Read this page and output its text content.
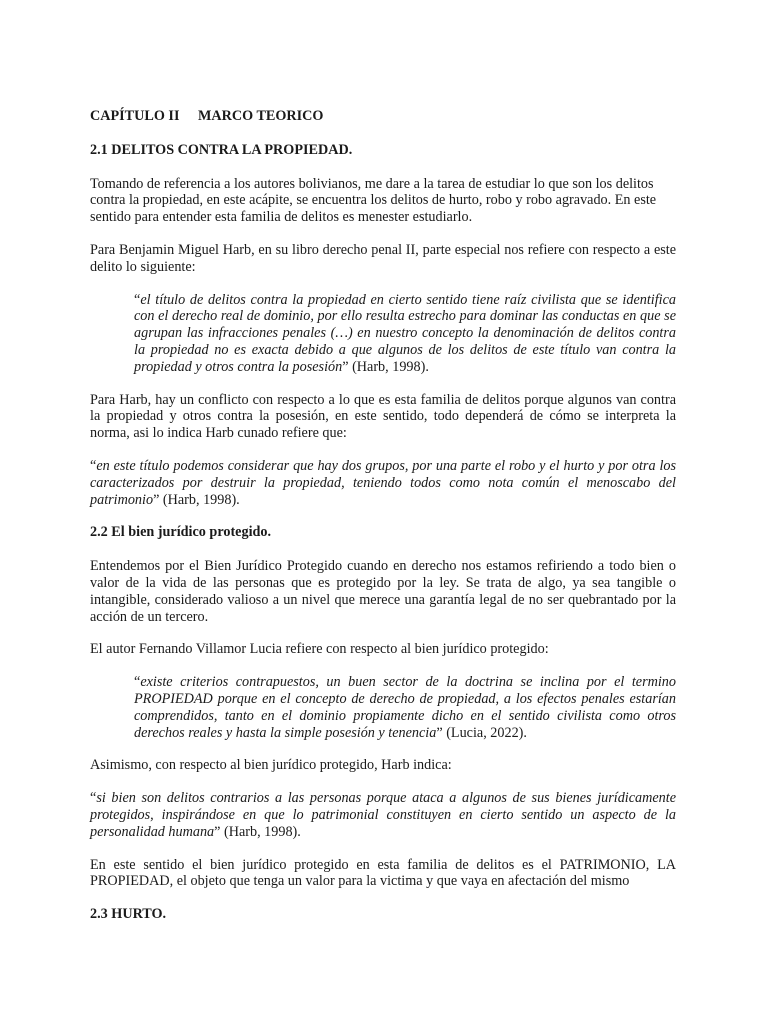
CAPÍTULO II MARCO TEORICO
2.1 DELITOS CONTRA LA PROPIEDAD.

Tomando de referencia a los autores bolivianos, me dare a la tarea de estudiar lo que son los delitos contra la propiedad, en este acápite, se encuentra los delitos de hurto, robo y robo agravado. En este sentido para entender esta familia de delitos es menester estudiarlo.

Para Benjamin Miguel Harb, en su libro derecho penal II, parte especial nos refiere con respecto a este delito lo siguiente:

“el título de delitos contra la propiedad en cierto sentido tiene raíz civilista que se identifica con el derecho real de dominio, por ello resulta estrecho para dominar las conductas en que se agrupan las infracciones penales (…) en nuestro concepto la denominación de delitos contra la propiedad no es exacta debido a que algunos de los delitos de este título van contra la propiedad y otros contra la posesión” (Harb, 1998).

Para Harb, hay un conflicto con respecto a lo que es esta familia de delitos porque algunos van contra la propiedad y otros contra la posesión, en este sentido, todo dependerá de cómo se interpreta la norma, asi lo indica Harb cunado refiere que:

“en este título podemos considerar que hay dos grupos, por una parte el robo y el hurto y por otra los caracterizados por destruir la propiedad, teniendo todos como nota común el menoscabo del patrimonio” (Harb, 1998).

2.2 El bien jurídico protegido.

Entendemos por el Bien Jurídico Protegido cuando en derecho nos estamos refiriendo a todo bien o valor de la vida de las personas que es protegido por la ley. Se trata de algo, ya sea tangible o intangible, considerado valioso a un nivel que merece una garantía legal de no ser quebrantado por la acción de un tercero.

El autor Fernando Villamor Lucia refiere con respecto al bien jurídico protegido:

“existe criterios contrapuestos, un buen sector de la doctrina se inclina por el termino PROPIEDAD porque en el concepto de derecho de propiedad, a los efectos penales estarían comprendidos, tanto en el dominio propiamente dicho en el sentido civilista como otros derechos reales y hasta la simple posesión y tenencia” (Lucia, 2022).

Asimismo, con respecto al bien jurídico protegido, Harb indica:

“si bien son delitos contrarios a las personas porque ataca a algunos de sus bienes jurídicamente protegidos, inspirándose en que lo patrimonial constituyen en cierto sentido un aspecto de la personalidad humana” (Harb, 1998).

En este sentido el bien jurídico protegido en esta familia de delitos es el PATRIMONIO, LA PROPIEDAD, el objeto que tenga un valor para la victima y que vaya en afectación del mismo

2.3 HURTO.
